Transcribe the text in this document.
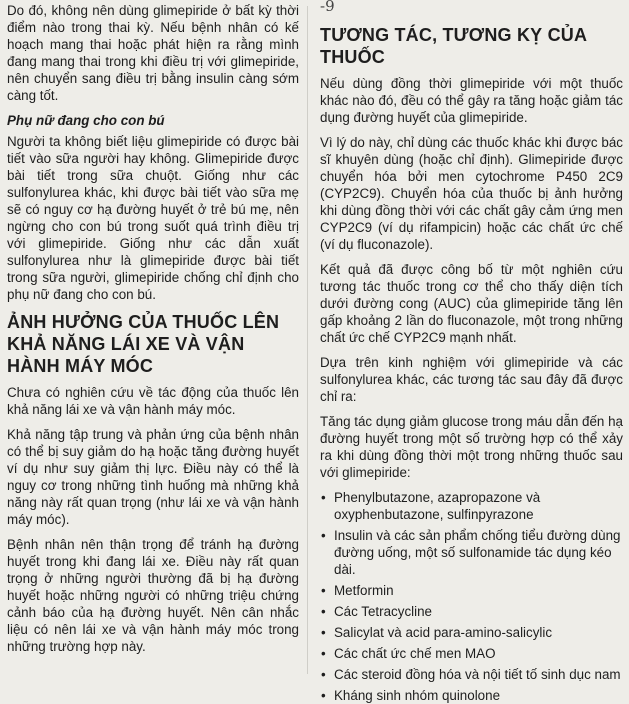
-9

Do đó, không nên dùng glimepiride ở bất kỳ thời điểm nào trong thai kỳ. Nếu bệnh nhân có kế hoạch mang thai hoặc phát hiện ra rằng mình đang mang thai trong khi điều trị với glimepiride, nên chuyển sang điều trị bằng insulin càng sớm càng tốt.

Phụ nữ đang cho con bú

Người ta không biết liệu glimepiride có được bài tiết vào sữa người hay không. Glimepiride được bài tiết trong sữa chuột. Giống như các sulfonylurea khác, khi được bài tiết vào sữa mẹ sẽ có nguy cơ hạ đường huyết ở trẻ bú mẹ, nên ngừng cho con bú trong suốt quá trình điều trị với glimepiride. Giống như các dẫn xuất sulfonylurea như là glimepiride được bài tiết trong sữa người, glimepiride chống chỉ định cho phụ nữ đang cho con bú.

ẢNH HƯỞNG CỦA THUỐC LÊN KHẢ NĂNG LÁI XE VÀ VẬN HÀNH MÁY MÓC

Chưa có nghiên cứu về tác động của thuốc lên khả năng lái xe và vận hành máy móc.

Khả năng tập trung và phản ứng của bệnh nhân có thể bị suy giảm do hạ hoặc tăng đường huyết ví dụ như suy giảm thị lực. Điều này có thể là nguy cơ trong những tình huống mà những khả năng này rất quan trọng (như lái xe và vận hành máy móc).

Bệnh nhân nên thận trọng để tránh hạ đường huyết trong khi đang lái xe. Điều này rất quan trọng ở những người thường đã bị hạ đường huyết hoặc những người có những triệu chứng cảnh báo của hạ đường huyết. Nên cân nhắc liệu có nên lái xe và vận hành máy móc trong những trường hợp này.

TƯƠNG TÁC, TƯƠNG KỴ CỦA THUỐC

Nếu dùng đồng thời glimepiride với một thuốc khác nào đó, đều có thể gây ra tăng hoặc giảm tác dụng đường huyết của glimepiride.

Vì lý do này, chỉ dùng các thuốc khác khi được bác sĩ khuyên dùng (hoặc chỉ định). Glimepiride được chuyển hóa bởi men cytochrome P450 2C9 (CYP2C9). Chuyển hóa của thuốc bị ảnh hưởng khi dùng đồng thời với các chất gây cảm ứng men CYP2C9 (ví dụ rifampicin) hoặc các chất ức chế (ví dụ fluconazole).

Kết quả đã được công bố từ một nghiên cứu tương tác thuốc trong cơ thể cho thấy diện tích dưới đường cong (AUC) của glimepiride tăng lên gấp khoảng 2 lần do fluconazole, một trong những chất ức chế CYP2C9 mạnh nhất.

Dựa trên kinh nghiệm với glimepiride và các sulfonylurea khác, các tương tác sau đây đã được chỉ ra:

Tăng tác dụng giảm glucose trong máu dẫn đến hạ đường huyết trong một số trường hợp có thể xảy ra khi dùng đồng thời một trong những thuốc sau với glimepiride:

• Phenylbutazone, azapropazone và oxyphenbutazone, sulfinpyrazone
• Insulin và các sản phẩm chống tiểu đường dùng đường uống, một số sulfonamide tác dụng kéo dài.
• Metformin
• Các Tetracycline
• Salicylat và acid para-amino-salicylic
• Các chất ức chế men MAO
• Các steroid đồng hóa và nội tiết tố sinh dục nam
• Kháng sinh nhóm quinolone
